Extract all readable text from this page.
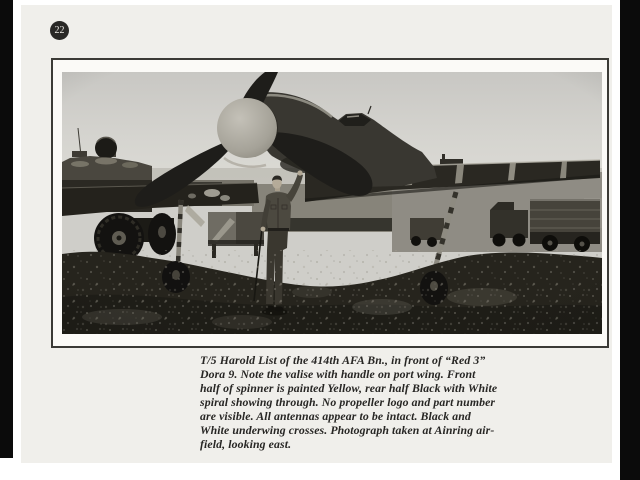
22
T/5 Harold List of the 414th AFA Bn., in front of “Red 3”
Dora 9. Note the valise with handle on port wing. Front
half of spinner is painted Yellow, rear half Black with White
spiral showing through. No propeller logo and part number
are visible. All antennas appear to be intact. Black and
White underwing crosses. Photograph taken at Ainring air-
field, looking east.
